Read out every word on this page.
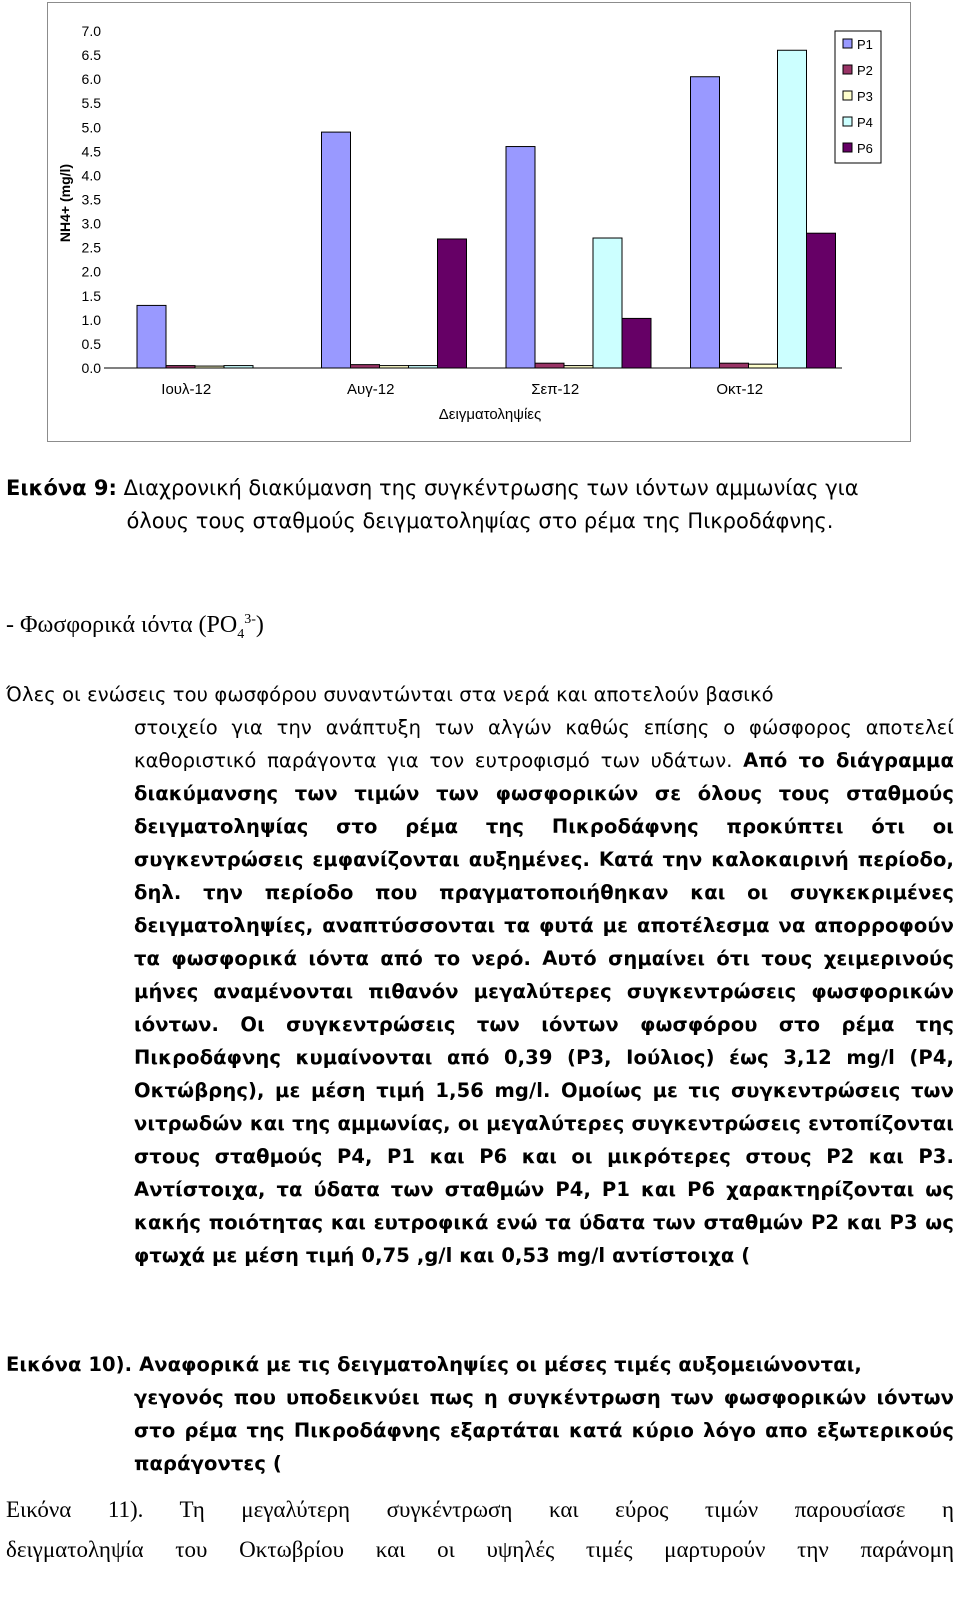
7.0
6.5
6.0
5.5
5.0
4.5
4.0
3.5
3.0
2.5
2.0
1.5
1.0
0.5
0.0
Ιουλ-12	Αυγ-12	Σεπ-12	Οκτ-12
NH4+ (mg/l)
Δειγματοληψίες
P1
P2
P3
P4
P6
Εικόνα 9: Διαχρονική διακύμανση της συγκέντρωσης των ιόντων αμμωνίας για
όλους τους σταθμούς δειγματοληψίας στο ρέμα της Πικροδάφνης.
- Φωσφορικά ιόντα $(PO_4^{3-})$
Όλες οι ενώσεις του φωσφόρου συναντώνται στα νερά και αποτελούν βασικό
στοιχείο για την ανάπτυξη των αλγών καθώς επίσης ο φώσφορος αποτελεί καθοριστικό παράγοντα για τον ευτροφισμό των υδάτων. Από το διάγραμμα διακύμανσης των τιμών των φωσφορικών σε όλους τους σταθμούς δειγματοληψίας στο ρέμα της Πικροδάφνης προκύπτει ότι οι συγκεντρώσεις εμφανίζονται αυξημένες. Κατά την καλοκαιρινή περίοδο, δηλ. την περίοδο που πραγματοποιήθηκαν και οι συγκεκριμένες δειγματοληψίες, αναπτύσσονται τα φυτά με αποτέλεσμα να απορροφούν τα φωσφορικά ιόντα από το νερό. Αυτό σημαίνει ότι τους χειμερινούς μήνες αναμένονται πιθανόν μεγαλύτερες συγκεντρώσεις φωσφορικών ιόντων. Οι συγκεντρώσεις των ιόντων φωσφόρου στο ρέμα της Πικροδάφνης κυμαίνονται από 0,39 (P3, Ιούλιος) έως 3,12 mg/l (P4, Οκτώβρης), με μέση τιμή 1,56 mg/l. Ομοίως με τις συγκεντρώσεις των νιτρωδών και της αμμωνίας, οι μεγαλύτερες συγκεντρώσεις εντοπίζονται στους σταθμούς P4, P1 και P6 και οι μικρότερες στους P2 και P3. Αντίστοιχα, τα ύδατα των σταθμών P4, P1 και P6 χαρακτηρίζονται ως κακής ποιότητας και ευτροφικά ενώ τα ύδατα των σταθμών P2 και P3 ως φτωχά με μέση τιμή 0,75 ,g/l και 0,53 mg/l αντίστοιχα (
Εικόνα 10). Αναφορικά με τις δειγματοληψίες οι μέσες τιμές αυξομειώνονται,
γεγονός που υποδεικνύει πως η συγκέντρωση των φωσφορικών ιόντων στο ρέμα της Πικροδάφνης εξαρτάται κατά κύριο λόγο απο εξωτερικούς παράγοντες (
Εικόνα 11). Τη μεγαλύτερη συγκέντρωση και εύρος τιμών παρουσίασε η
δειγματοληψία του Οκτωβρίου και οι υψηλές τιμές μαρτυρούν την παράνομη
